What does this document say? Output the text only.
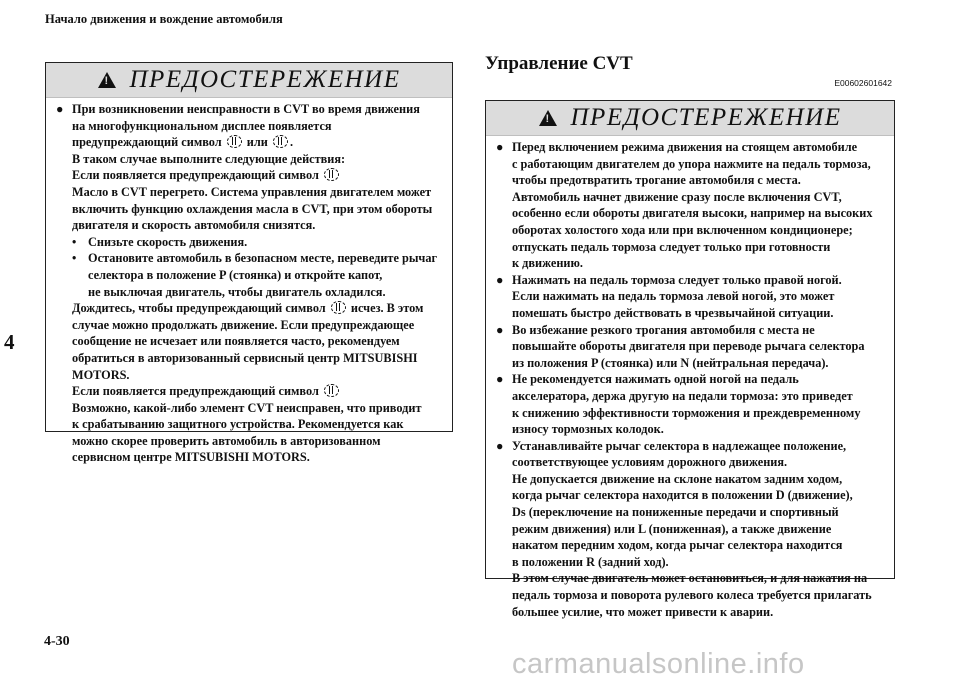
Начало движения и вождение автомобиля
4
!
ПРЕДОСТЕРЕЖЕНИЕ
● При возникновении неисправности в CVT во время движения
на многофункциональном дисплее появляется
предупреждающий символ или .
В таком случае выполните следующие действия:
Если появляется предупреждающий символ
Масло в CVT перегрето. Система управления двигателем может
включить функцию охлаждения масла в CVT, при этом обороты
двигателя и скорость автомобиля снизятся.
• Снизьте скорость движения.
• Остановите автомобиль в безопасном месте, переведите рычаг
селектора в положение P (стоянка) и откройте капот,
не выключая двигатель, чтобы двигатель охладился.
Дождитесь, чтобы предупреждающий символ исчез. В этом
случае можно продолжать движение. Если предупреждающее
сообщение не исчезает или появляется часто, рекомендуем
обратиться в авторизованный сервисный центр MITSUBISHI
MOTORS.
Если появляется предупреждающий символ
Возможно, какой-либо элемент CVT неисправен, что приводит
к срабатыванию защитного устройства. Рекомендуется как
можно скорее проверить автомобиль в авторизованном
сервисном центре MITSUBISHI MOTORS.
Управление CVT
E00602601642
!
ПРЕДОСТЕРЕЖЕНИЕ
● Перед включением режима движения на стоящем автомобиле
с работающим двигателем до упора нажмите на педаль тормоза,
чтобы предотвратить трогание автомобиля с места.
Автомобиль начнет движение сразу после включения CVT,
особенно если обороты двигателя высоки, например на высоких
оборотах холостого хода или при включенном кондиционере;
отпускать педаль тормоза следует только при готовности
к движению.
● Нажимать на педаль тормоза следует только правой ногой.
Если нажимать на педаль тормоза левой ногой, это может
помешать быстро действовать в чрезвычайной ситуации.
● Во избежание резкого трогания автомобиля с места не
повышайте обороты двигателя при переводе рычага селектора
из положения P (стоянка) или N (нейтральная передача).
● Не рекомендуется нажимать одной ногой на педаль
акселератора, держа другую на педали тормоза: это приведет
к снижению эффективности торможения и преждевременному
износу тормозных колодок.
● Устанавливайте рычаг селектора в надлежащее положение,
соответствующее условиям дорожного движения.
Не допускается движение на склоне накатом задним ходом,
когда рычаг селектора находится в положении D (движение),
Ds (переключение на пониженные передачи и спортивный
режим движения) или L (пониженная), а также движение
накатом передним ходом, когда рычаг селектора находится
в положении R (задний ход).
В этом случае двигатель может остановиться, и для нажатия на
педаль тормоза и поворота рулевого колеса требуется прилагать
большее усилие, что может привести к аварии.
4-30
carmanualsonline.info
